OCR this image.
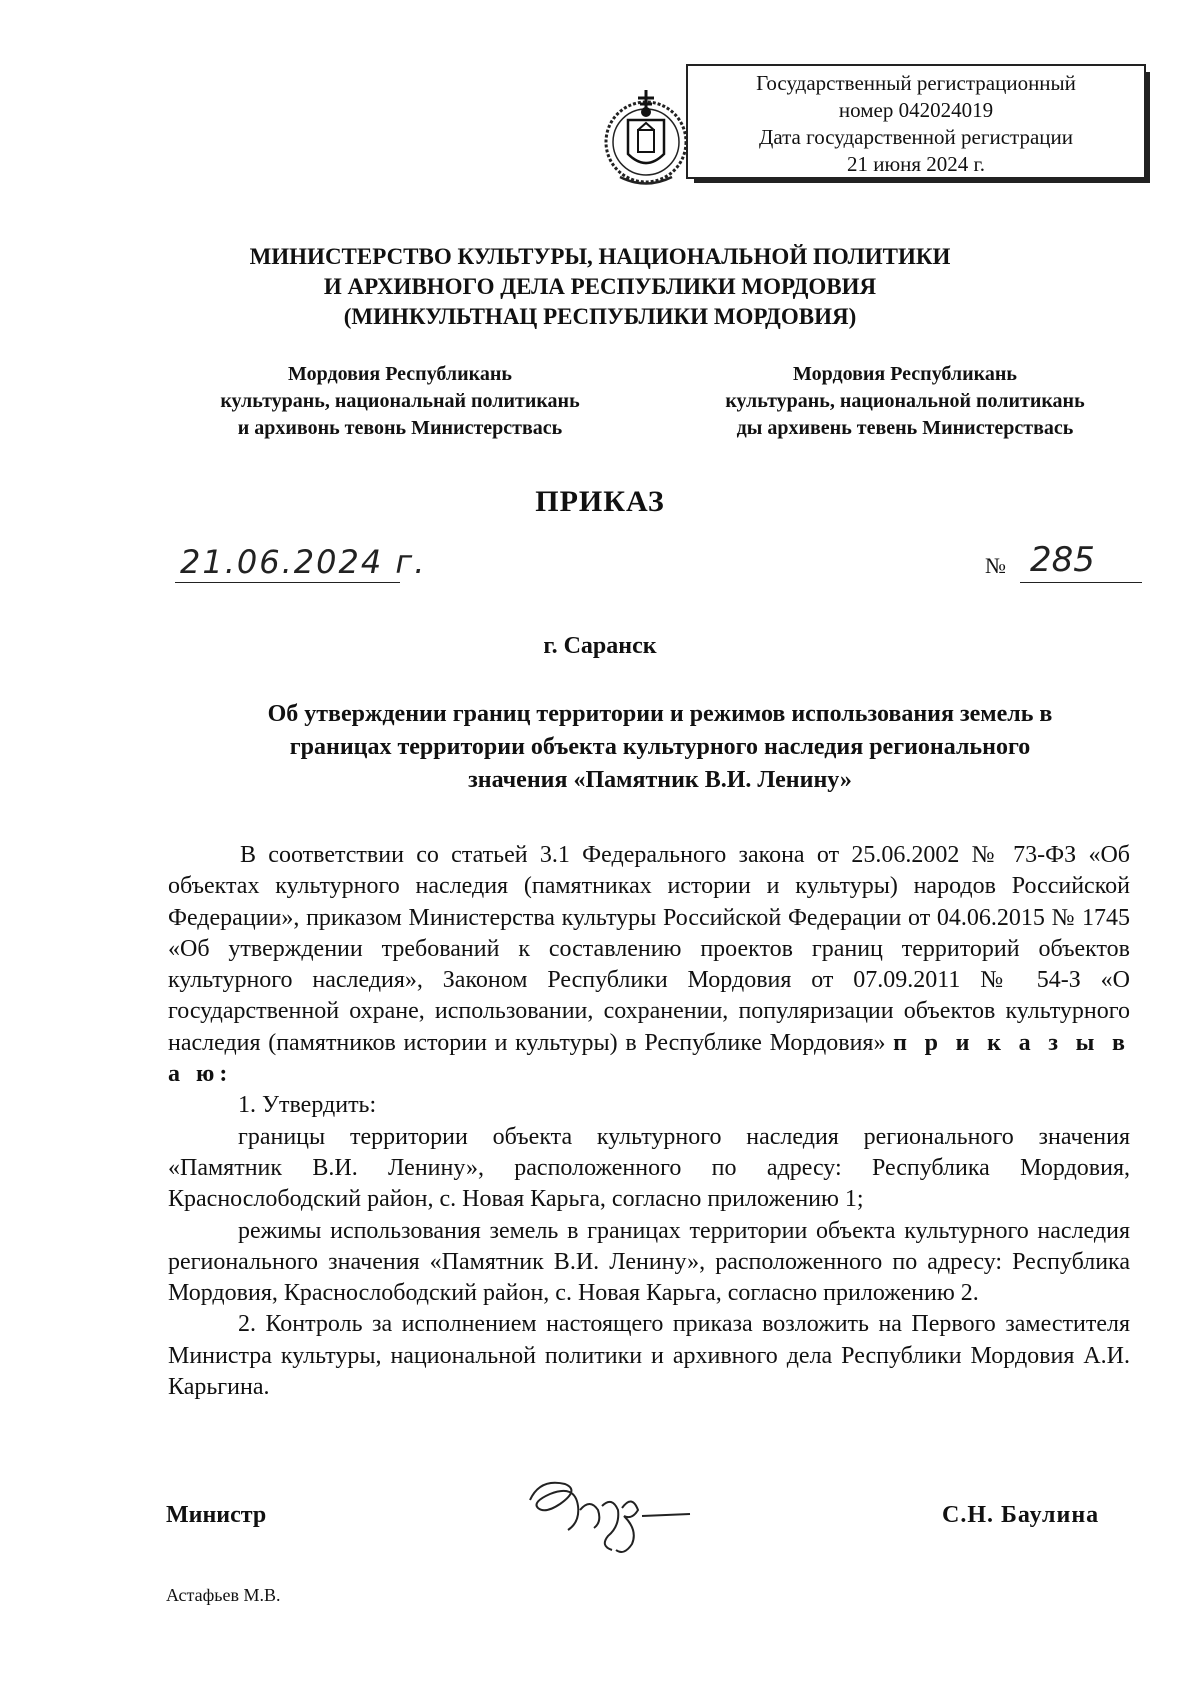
Государственный регистрационный
номер 042024019
Дата государственной регистрации
21 июня 2024 г.
МИНИСТЕРСТВО КУЛЬТУРЫ, НАЦИОНАЛЬНОЙ ПОЛИТИКИ
И АРХИВНОГО ДЕЛА РЕСПУБЛИКИ МОРДОВИЯ
(МИНКУЛЬТНАЦ РЕСПУБЛИКИ МОРДОВИЯ)
Мордовия Республикань
культурань, национальнай политикань
и архивонь тевонь Министерствась
Мордовия Республикань
культурань, национальной политикань
ды архивень тевень Министерствась
ПРИКАЗ
21.06.2024 г.	№ 285
г. Саранск
Об утверждении границ территории и режимов использования земель в
границах территории объекта культурного наследия регионального
значения «Памятник В.И. Ленину»

В соответствии со статьей 3.1 Федерального закона от 25.06.2002 № 73-ФЗ «Об объектах культурного наследия (памятниках истории и культуры) народов Российской Федерации», приказом Министерства культуры Российской Федерации от 04.06.2015 № 1745 «Об утверждении требований к составлению проектов границ территорий объектов культурного наследия», Законом Республики Мордовия от 07.09.2011 № 54-З «О государственной охране, использовании, сохранении, популяризации объектов культурного наследия (памятников истории и культуры) в Республике Мордовия» п р и к а з ы в а ю:

1. Утвердить:

границы территории объекта культурного наследия регионального значения «Памятник В.И. Ленину», расположенного по адресу: Республика Мордовия, Краснослободский район, с. Новая Карьга, согласно приложению 1;

режимы использования земель в границах территории объекта культурного наследия регионального значения «Памятник В.И. Ленину», расположенного по адресу: Республика Мордовия, Краснослободский район, с. Новая Карьга, согласно приложению 2.

2. Контроль за исполнением настоящего приказа возложить на Первого заместителя Министра культуры, национальной политики и архивного дела Республики Мордовия А.И. Карьгина.

Министр	С.Н. Баулина
Астафьев М.В.
